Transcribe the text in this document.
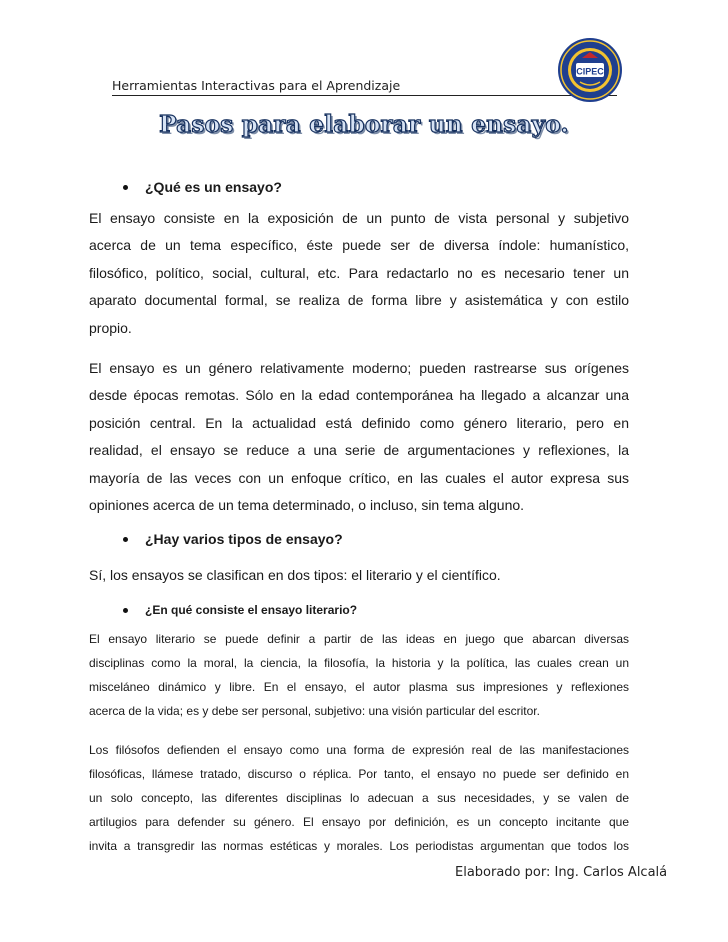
Herramientas Interactivas para el Aprendizaje
CIPEC
Pasos para elaborar un ensayo.
¿Qué es un ensayo?
El ensayo consiste en la exposición de un punto de vista personal y subjetivo
acerca de un tema específico, éste puede ser de diversa índole: humanístico,
filosófico, político, social, cultural, etc. Para redactarlo no es necesario tener un
aparato documental formal, se realiza de forma libre y asistemática y con estilo
propio.
El ensayo es un género relativamente moderno; pueden rastrearse sus orígenes
desde épocas remotas. Sólo en la edad contemporánea ha llegado a alcanzar una
posición central. En la actualidad está definido como género literario, pero en
realidad, el ensayo se reduce a una serie de argumentaciones y reflexiones, la
mayoría de las veces con un enfoque crítico, en las cuales el autor expresa sus
opiniones acerca de un tema determinado, o incluso, sin tema alguno.
¿Hay varios tipos de ensayo?
Sí, los ensayos se clasifican en dos tipos: el literario y el científico.
¿En qué consiste el ensayo literario?
El ensayo literario se puede definir a partir de las ideas en juego que abarcan diversas
disciplinas como la moral, la ciencia, la filosofía, la historia y la política, las cuales crean un
misceláneo dinámico y libre. En el ensayo, el autor plasma sus impresiones y reflexiones
acerca de la vida; es y debe ser personal, subjetivo: una visión particular del escritor.
Los filósofos defienden el ensayo como una forma de expresión real de las manifestaciones
filosóficas, llámese tratado, discurso o réplica. Por tanto, el ensayo no puede ser definido en
un solo concepto, las diferentes disciplinas lo adecuan a sus necesidades, y se valen de
artilugios para defender su género. El ensayo por definición, es un concepto incitante que
invita a transgredir las normas estéticas y morales. Los periodistas argumentan que todos los
Elaborado por: Ing. Carlos Alcalá
